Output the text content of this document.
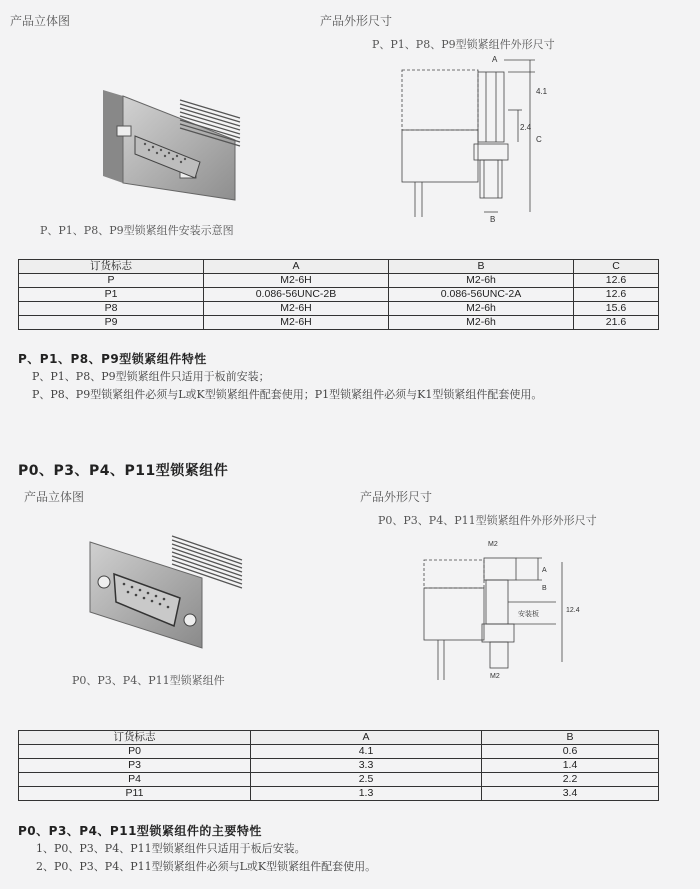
产品立体图	产品外形尺寸
P、P1、P8、P9型锁紧组件外形尺寸
P、P1、P8、P9型锁紧组件安装示意图
A
B
C
4.1
2.4
订货标志	A	B	C
P	M2-6H	M2-6h	12.6
P1	0.086-56UNC-2B	0.086-56UNC-2A	12.6
P8	M2-6H	M2-6h	15.6
P9	M2-6H	M2-6h	21.6
P、P1、P8、P9型锁紧组件特性
P、P1、P8、P9型锁紧组件只适用于板前安装；
P、P8、P9型锁紧组件必须与L或K型锁紧组件配套使用；P1型锁紧组件必须与K1型锁紧组件配套使用。
P0、P3、P4、P11型锁紧组件
产品立体图	产品外形尺寸
P0、P3、P4、P11型锁紧组件外形外形尺寸
P0、P3、P4、P11型锁紧组件
M2
M2
A
B
安装板	12.4
订货标志	A	B
P0	4.1	0.6
P3	3.3	1.4
P4	2.5	2.2
P11	1.3	3.4
P0、P3、P4、P11型锁紧组件的主要特性
1、P0、P3、P4、P11型锁紧组件只适用于板后安装。
2、P0、P3、P4、P11型锁紧组件必须与L或K型锁紧组件配套使用。
